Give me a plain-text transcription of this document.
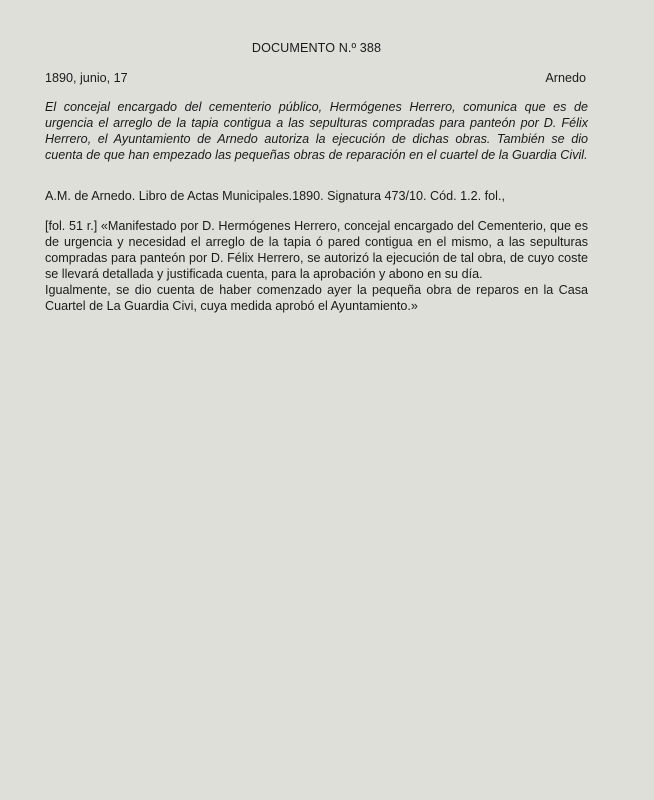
DOCUMENTO N.º 388
1890, junio, 17	Arnedo

El concejal encargado del cementerio público, Hermógenes Herrero, comunica que es de urgencia el arreglo de la tapia contigua a las sepulturas compradas para panteón por D. Félix Herrero, el Ayuntamiento de Arnedo autoriza la ejecución de dichas obras. También se dio cuenta de que han empezado las pequeñas obras de reparación en el cuartel de la Guardia Civil.

A.M. de Arnedo. Libro de Actas Municipales.1890. Signatura 473/10. Cód. 1.2. fol.,

[fol. 51 r.] «Manifestado por D. Hermógenes Herrero, concejal encargado del Cementerio, que es de urgencia y necesidad el arreglo de la tapia ó pared contigua en el mismo, a las sepulturas compradas para panteón por D. Félix Herrero, se autorizó la ejecución de tal obra, de cuyo coste se llevará detallada y justificada cuenta, para la aprobación y abono en su día.
Igualmente, se dio cuenta de haber comenzado ayer la pequeña obra de reparos en la Casa Cuartel de La Guardia Civi, cuya medida aprobó el Ayuntamiento.»
